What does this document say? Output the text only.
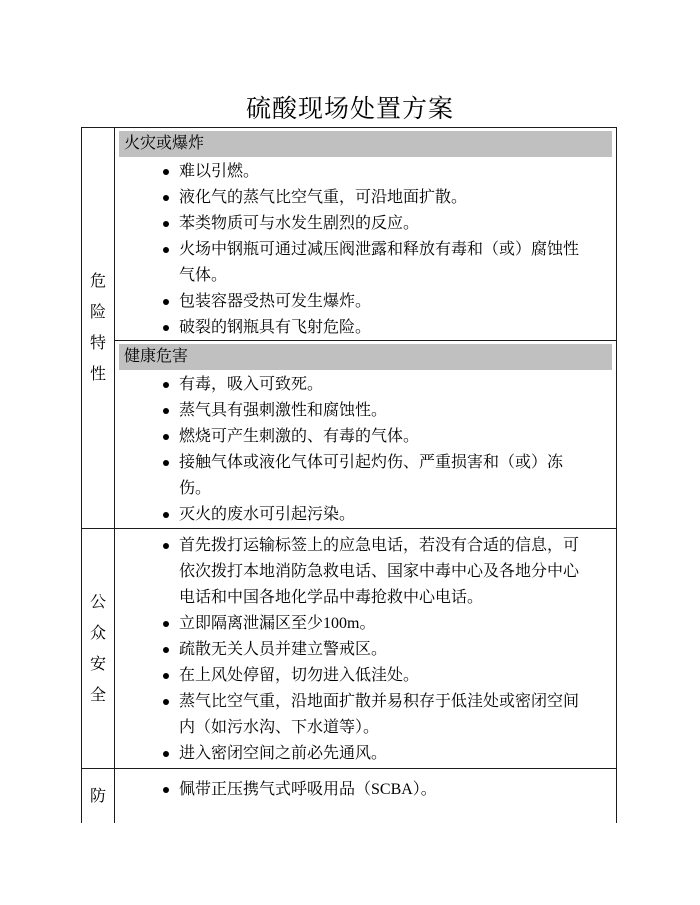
硫酸现场处置方案
危
险
特
性
火灾或爆炸
难以引燃。
液化气的蒸气比空气重，可沿地面扩散。
苯类物质可与水发生剧烈的反应。
火场中钢瓶可通过减压阀泄露和释放有毒和（或）腐蚀性气体。
包装容器受热可发生爆炸。
破裂的钢瓶具有飞射危险。
健康危害
有毒，吸入可致死。
蒸气具有强刺激性和腐蚀性。
燃烧可产生刺激的、有毒的气体。
接触气体或液化气体可引起灼伤、严重损害和（或）冻伤。
灭火的废水可引起污染。
公
众
安
全
首先拨打运输标签上的应急电话，若没有合适的信息，可依次拨打本地消防急救电话、国家中毒中心及各地分中心电话和中国各地化学品中毒抢救中心电话。
立即隔离泄漏区至少100m。
疏散无关人员并建立警戒区。
在上风处停留，切勿进入低洼处。
蒸气比空气重，沿地面扩散并易积存于低洼处或密闭空间内（如污水沟、下水道等）。
进入密闭空间之前必先通风。
防	佩带正压携气式呼吸用品（SCBA）。
